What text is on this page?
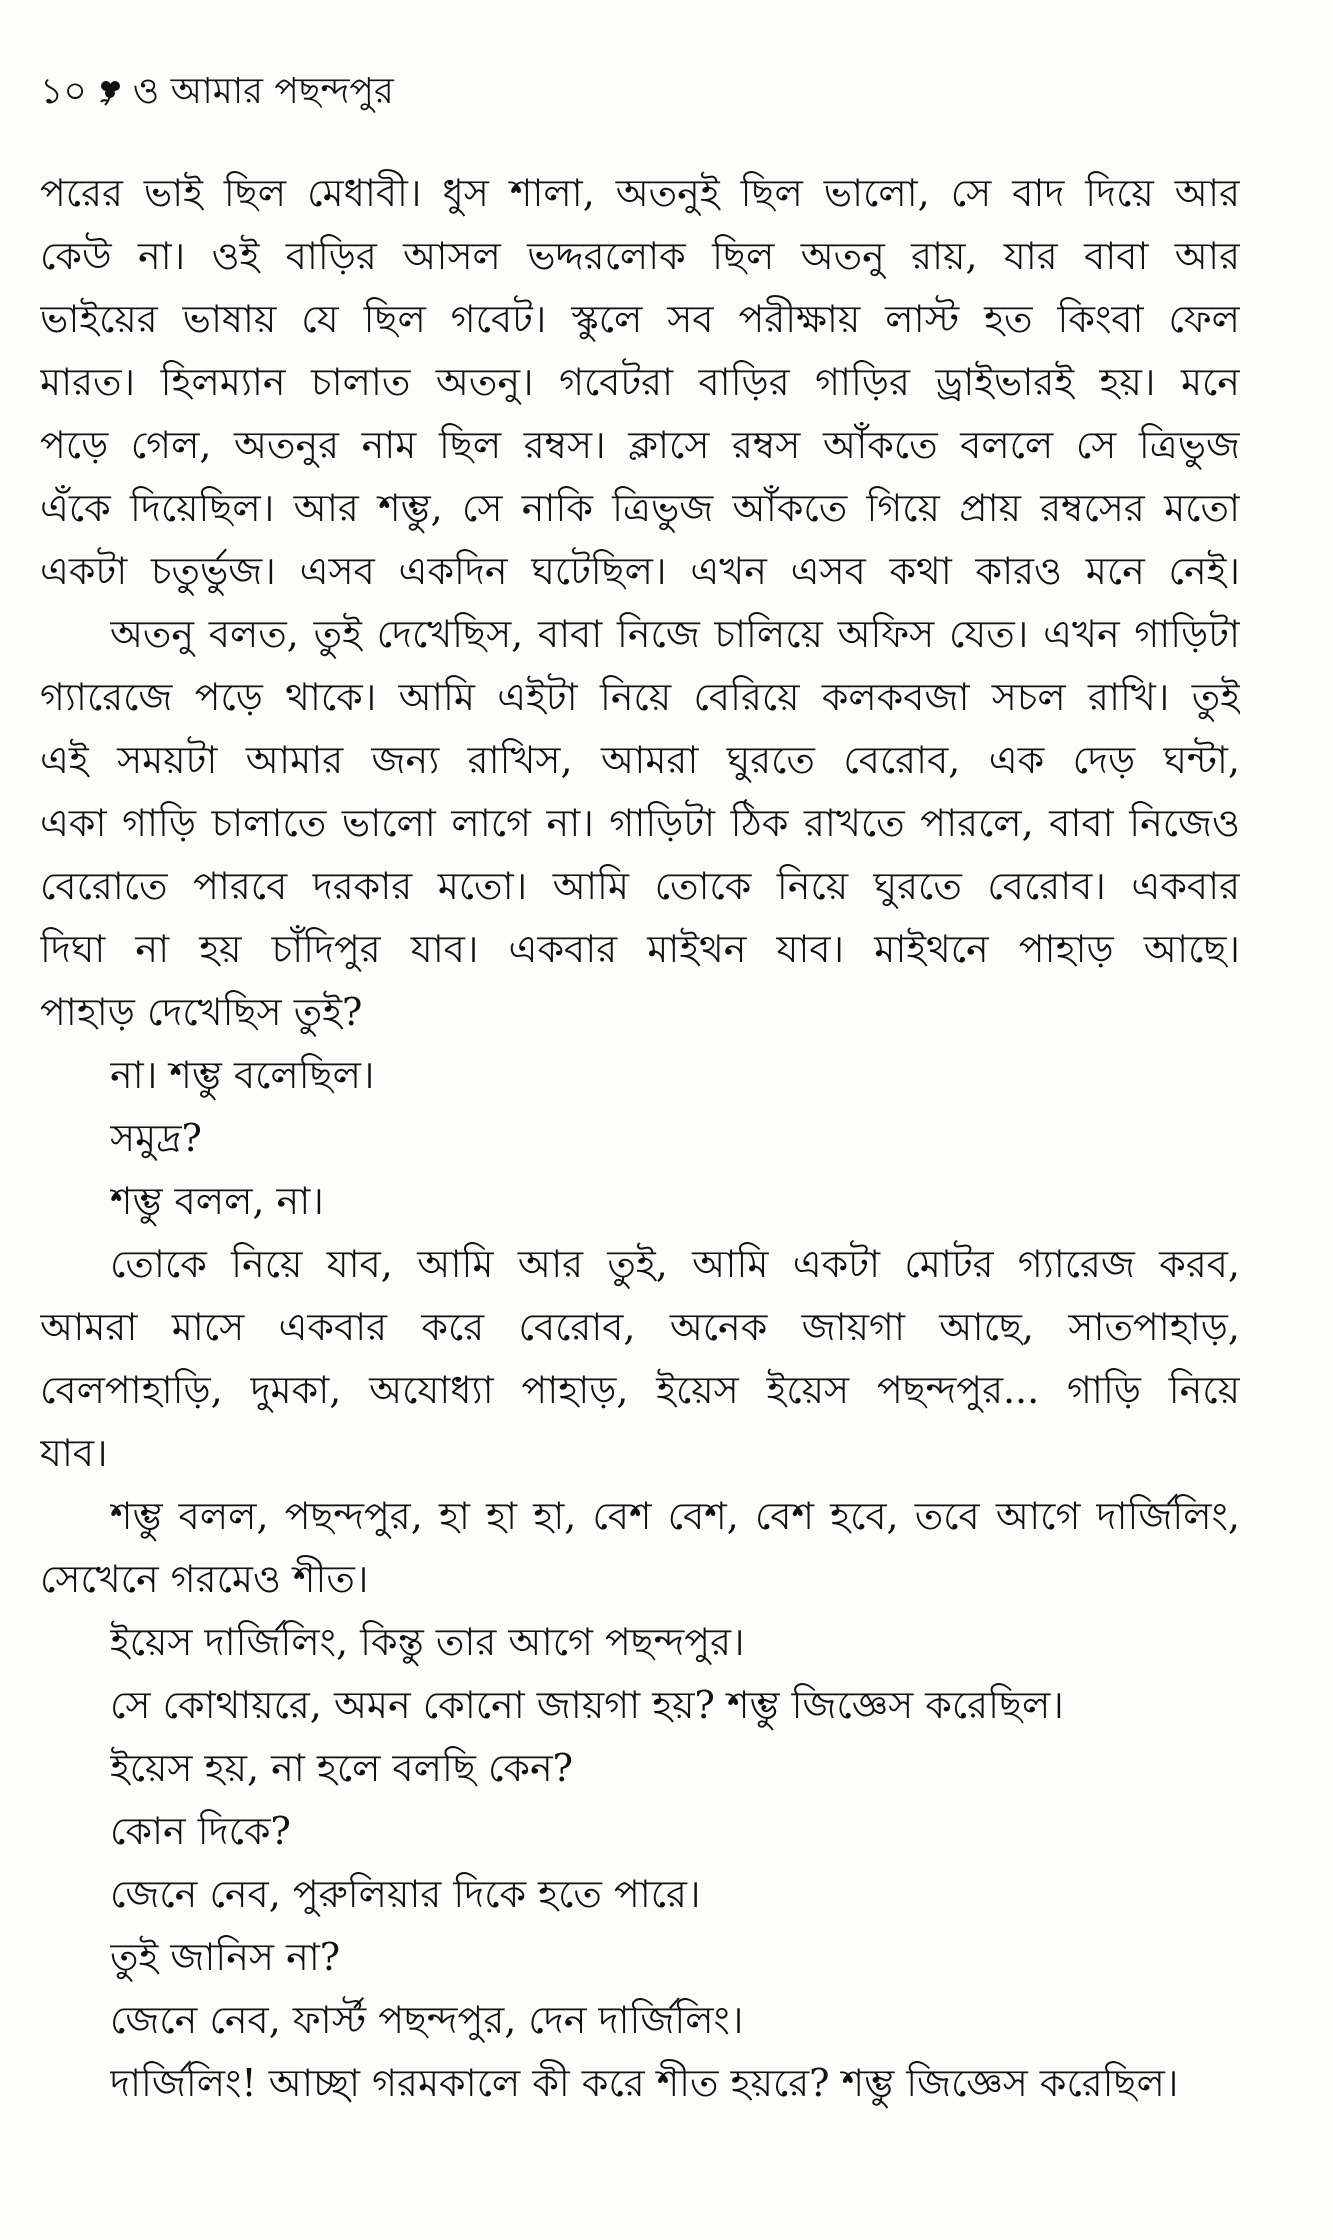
১০ ও আমার পছন্দপুর
পরের ভাই ছিল মেধাবী। ধুস শালা, অতনুই ছিল ভালো, সে বাদ দিয়ে আর
কেউ না। ওই বাড়ির আসল ভদ্দরলোক ছিল অতনু রায়, যার বাবা আর
ভাইয়ের ভাষায় যে ছিল গবেট। স্কুলে সব পরীক্ষায় লাস্ট হত কিংবা ফেল
মারত। হিলম্যান চালাত অতনু। গবেটরা বাড়ির গাড়ির ড্রাইভারই হয়। মনে
পড়ে গেল, অতনুর নাম ছিল রম্বস। ক্লাসে রম্বস আঁকতে বললে সে ত্রিভুজ
এঁকে দিয়েছিল। আর শম্ভু, সে নাকি ত্রিভুজ আঁকতে গিয়ে প্রায় রম্বসের মতো
একটা চতুর্ভুজ। এসব একদিন ঘটেছিল। এখন এসব কথা কারও মনে নেই।
অতনু বলত, তুই দেখেছিস, বাবা নিজে চালিয়ে অফিস যেত। এখন গাড়িটা
গ্যারেজে পড়ে থাকে। আমি এইটা নিয়ে বেরিয়ে কলকবজা সচল রাখি। তুই
এই সময়টা আমার জন্য রাখিস, আমরা ঘুরতে বেরোব, এক দেড় ঘন্টা,
একা গাড়ি চালাতে ভালো লাগে না। গাড়িটা ঠিক রাখতে পারলে, বাবা নিজেও
বেরোতে পারবে দরকার মতো। আমি তোকে নিয়ে ঘুরতে বেরোব। একবার
দিঘা না হয় চাঁদিপুর যাব। একবার মাইথন যাব। মাইথনে পাহাড় আছে।
পাহাড় দেখেছিস তুই?
না। শম্ভু বলেছিল।
সমুদ্র?
শম্ভু বলল, না।
তোকে নিয়ে যাব, আমি আর তুই, আমি একটা মোটর গ্যারেজ করব,
আমরা মাসে একবার করে বেরোব, অনেক জায়গা আছে, সাতপাহাড়,
বেলপাহাড়ি, দুমকা, অযোধ্যা পাহাড়, ইয়েস ইয়েস পছন্দপুর... গাড়ি নিয়ে
যাব।
শম্ভু বলল, পছন্দপুর, হা হা হা, বেশ বেশ, বেশ হবে, তবে আগে দার্জিলিং,
সেখেনে গরমেও শীত।
ইয়েস দার্জিলিং, কিন্তু তার আগে পছন্দপুর।
সে কোথায়রে, অমন কোনো জায়গা হয়? শম্ভু জিজ্ঞেস করেছিল।
ইয়েস হয়, না হলে বলছি কেন?
কোন দিকে?
জেনে নেব, পুরুলিয়ার দিকে হতে পারে।
তুই জানিস না?
জেনে নেব, ফার্স্ট পছন্দপুর, দেন দার্জিলিং।
দার্জিলিং! আচ্ছা গরমকালে কী করে শীত হয়রে? শম্ভু জিজ্ঞেস করেছিল।
